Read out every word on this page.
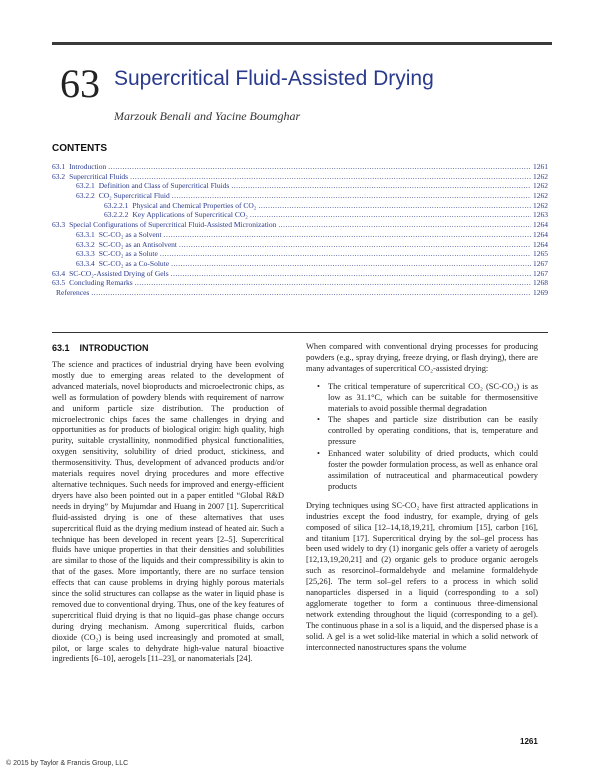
63 Supercritical Fluid-Assisted Drying
Marzouk Benali and Yacine Boumghar
CONTENTS
63.1 Introduction .....	1261
63.2 Supercritical Fluids .....	1262
63.2.1 Definition and Class of Supercritical Fluids .....	1262
63.2.2 CO₂ Supercritical Fluid .....	1262
63.2.2.1 Physical and Chemical Properties of CO₂ .....	1262
63.2.2.2 Key Applications of Supercritical CO₂ .....	1263
63.3 Special Configurations of Supercritical Fluid-Assisted Micronization .....	1264
63.3.1 SC-CO₂ as a Solvent .....	1264
63.3.2 SC-CO₂ as an Antisolvent .....	1264
63.3.3 SC-CO₂ as a Solute .....	1265
63.3.4 SC-CO₂ as a Co-Solute .....	1267
63.4 SC-CO₂-Assisted Drying of Gels .....	1267
63.5 Concluding Remarks .....	1268
References .....	1269
63.1 INTRODUCTION

The science and practices of industrial drying have been evolving mostly due to emerging areas related to the development of advanced materials, novel bioproducts and microelectronic chips, as well as formulation of powdery blends with requirement of narrow and uniform particle size distribution. The production of microelectronic chips faces the same challenges in drying and opportunities as for products of biological origin: high quality, high purity, suitable crystallinity, nonmodified physical functionalities, oxygen sensitivity, solubility of dried product, stickiness, and thermosensitivity. Thus, development of advanced products and/or materials requires novel drying procedures and more effective alternative techniques. Such needs for improved and energy-efficient dryers have also been pointed out in a paper entitled “Global R&D needs in drying” by Mujumdar and Huang in 2007 [1]. Supercritical fluid-assisted drying is one of these alternatives that uses supercritical fluid as the drying medium instead of heated air. Such a technique has been developed in recent years [2–5]. Supercritical fluids have unique properties in that their densities and solubilities are similar to those of the liquids and their compressibility is akin to that of the gases. More importantly, there are no surface tension effects that can cause problems in drying highly porous materials since the solid structures can collapse as the water in liquid phase is removed due to conventional drying. Thus, one of the key features of supercritical fluid drying is that no liquid–gas phase change occurs during drying mechanism. Among supercritical fluids, carbon dioxide (CO₂) is being used increasingly and promoted at small, pilot, or large scales to dehydrate high-value natural bioactive ingredients [6–10], aerogels [11–23], or nanomaterials [24].

When compared with conventional drying processes for producing powders (e.g., spray drying, freeze drying, or flash drying), there are many advantages of supercritical CO₂-assisted drying:

• The critical temperature of supercritical CO₂ (SC-CO₂) is as low as 31.1°C, which can be suitable for thermosensitive materials to avoid possible thermal degradation
• The shapes and particle size distribution can be easily controlled by operating conditions, that is, temperature and pressure
• Enhanced water solubility of dried products, which could foster the powder formulation process, as well as enhance oral assimilation of nutraceutical and pharmaceutical powdery products

Drying techniques using SC-CO₂ have first attracted applications in industries except the food industry, for example, drying of gels composed of silica [12–14,18,19,21], chromium [15], carbon [16], and titanium [17]. Supercritical drying by the sol–gel process has been used widely to dry (1) inorganic gels offer a variety of aerogels [12,13,19,20,21] and (2) organic gels to produce organic aerogels such as resorcinol–formaldehyde and melamine formaldehyde [25,26]. The term sol–gel refers to a process in which solid nanoparticles dispersed in a liquid (corresponding to a sol) agglomerate together to form a continuous three-dimensional network extending throughout the liquid (corresponding to a gel). The continuous phase in a sol is a liquid, and the dispersed phase is a solid. A gel is a wet solid-like material in which a solid network of interconnected nanostructures spans the volume

1261
© 2015 by Taylor & Francis Group, LLC
